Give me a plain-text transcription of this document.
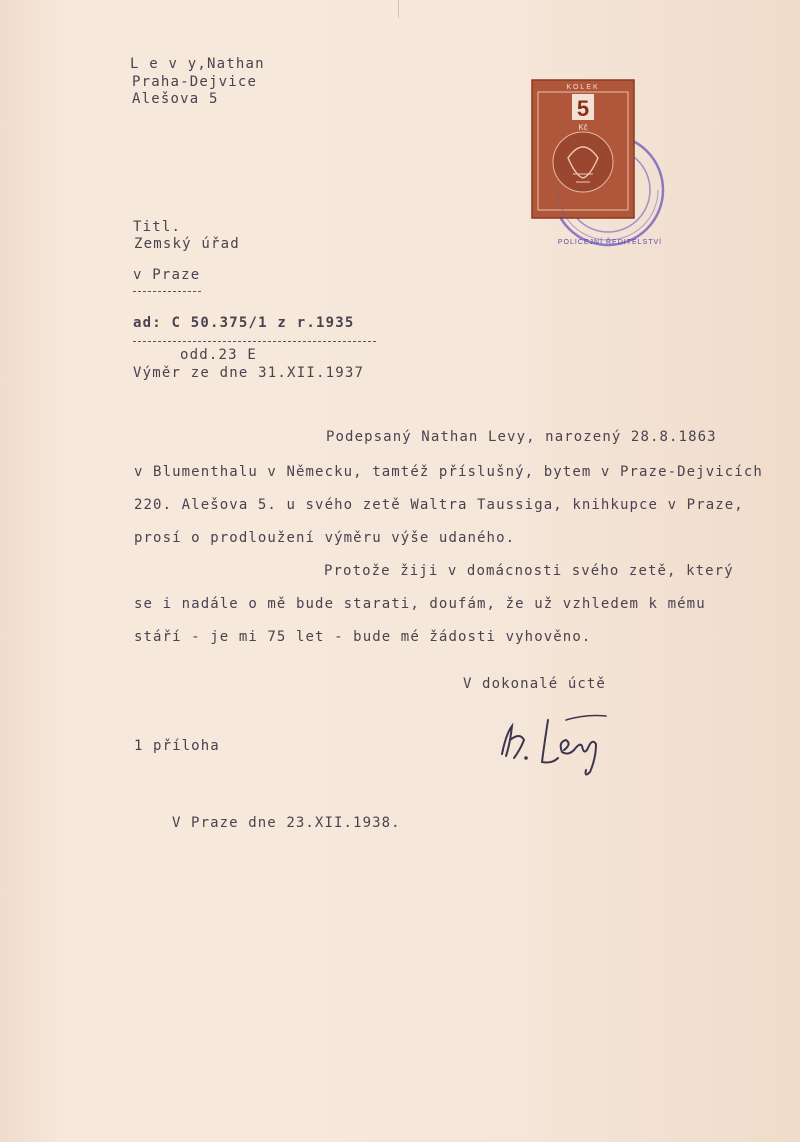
L e v y,Nathan
Praha-Dejvice
Alešova 5
KOLEK
5
Kč
POLICEJNÍ ŘEDITELSTVÍ
Titl.
Zemský úřad
v Praze
ad: C 50.375/1 z r.1935
odd.23 E
Výměr ze dne 31.XII.1937
Podepsaný Nathan Levy, narozený 28.8.1863
v Blumenthalu v Německu, tamtéž příslušný, bytem v Praze-Dejvicích
220. Alešova 5. u svého zetě Waltra Taussiga, knihkupce v Praze,
prosí o prodloužení výměru výše udaného.
Protože žiji v domácnosti svého zetě, který
se i nadále o mě bude starati, doufám, že už vzhledem k mému
stáří - je mi 75 let - bude mé žádosti vyhověno.
V dokonalé úctě
1 příloha
V Praze dne 23.XII.1938.
